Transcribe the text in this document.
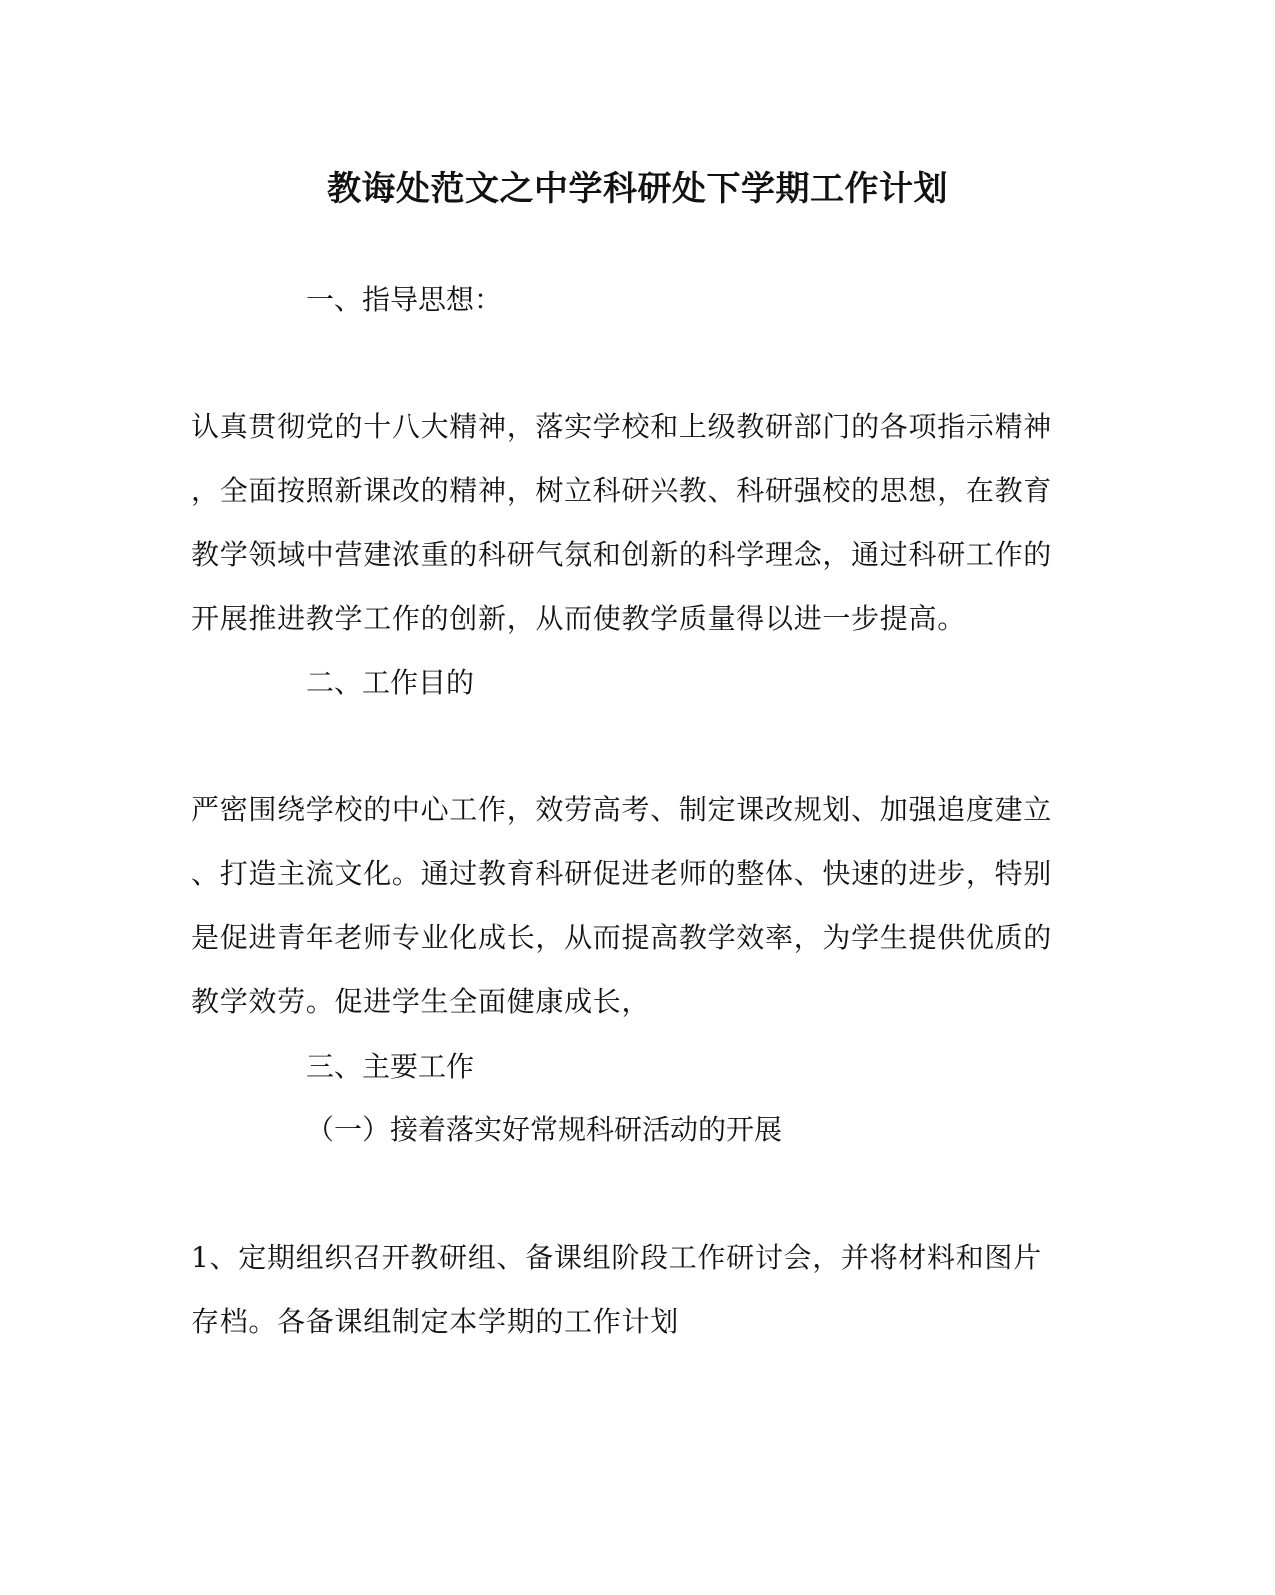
教诲处范文之中学科研处下学期工作计划
一、指导思想：
认真贯彻党的十八大精神，落实学校和上级教研部门的各项指示精神
，全面按照新课改的精神，树立科研兴教、科研强校的思想，在教育
教学领域中营建浓重的科研气氛和创新的科学理念，通过科研工作的
开展推进教学工作的创新，从而使教学质量得以进一步提高。
二、工作目的
严密围绕学校的中心工作，效劳高考、制定课改规划、加强追度建立
、打造主流文化。通过教育科研促进老师的整体、快速的进步，特别
是促进青年老师专业化成长，从而提高教学效率，为学生提供优质的
教学效劳。促进学生全面健康成长，
三、主要工作
（一）接着落实好常规科研活动的开展
1、定期组织召开教研组、备课组阶段工作研讨会，并将材料和图片
存档。各备课组制定本学期的工作计划
